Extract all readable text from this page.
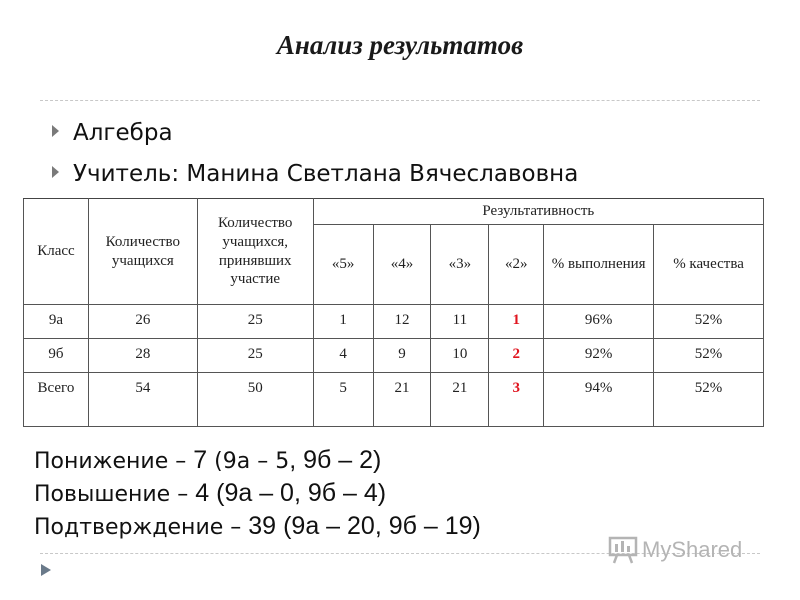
Анализ результатов
Алгебра
Учитель: Манина Светлана Вячеславовна
Класс	Количество учащихся	Количество учащихся, принявших участие	Результативность					
			«5»	«4»	«3»	«2»	% выполнения	% качества
9а	26	25	1	12	11	1	96%	52%
9б	28	25	4	9	10	2	92%	52%
Всего	54	50	5	21	21	3	94%	52%
Понижение – 7 (9а – 5, 9б – 2)
Повышение – 4 (9а – 0, 9б – 4)
Подтверждение – 39 (9а – 20, 9б – 19)
MyShared
